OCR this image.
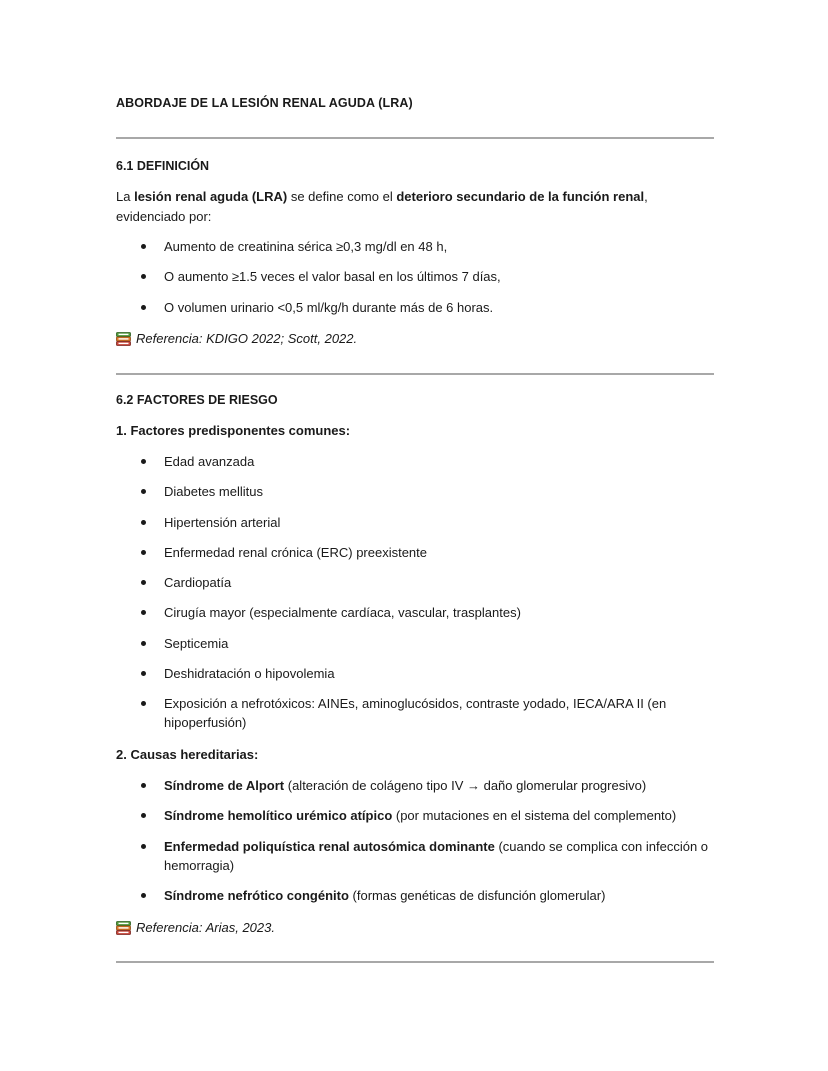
ABORDAJE DE LA LESIÓN RENAL AGUDA (LRA)
6.1 DEFINICIÓN

La lesión renal aguda (LRA) se define como el deterioro secundario de la función renal,
evidenciado por:

Aumento de creatinina sérica ≥0,3 mg/dl en 48 h,
O aumento ≥1.5 veces el valor basal en los últimos 7 días,
O volumen urinario <0,5 ml/kg/h durante más de 6 horas.

Referencia: KDIGO 2022; Scott, 2022.

6.2 FACTORES DE RIESGO
1. Factores predisponentes comunes:
Edad avanzada
Diabetes mellitus
Hipertensión arterial
Enfermedad renal crónica (ERC) preexistente
Cardiopatía
Cirugía mayor (especialmente cardíaca, vascular, trasplantes)
Septicemia
Deshidratación o hipovolemia
Exposición a nefrotóxicos: AINEs, aminoglucósidos, contraste yodado, IECA/ARA II (en hipoperfusión)
2. Causas hereditarias:
Síndrome de Alport (alteración de colágeno tipo IV → daño glomerular progresivo)
Síndrome hemolítico urémico atípico (por mutaciones en el sistema del complemento)
Enfermedad poliquística renal autosómica dominante (cuando se complica con infección o hemorragia)
Síndrome nefrótico congénito (formas genéticas de disfunción glomerular)

Referencia: Arias, 2023.
